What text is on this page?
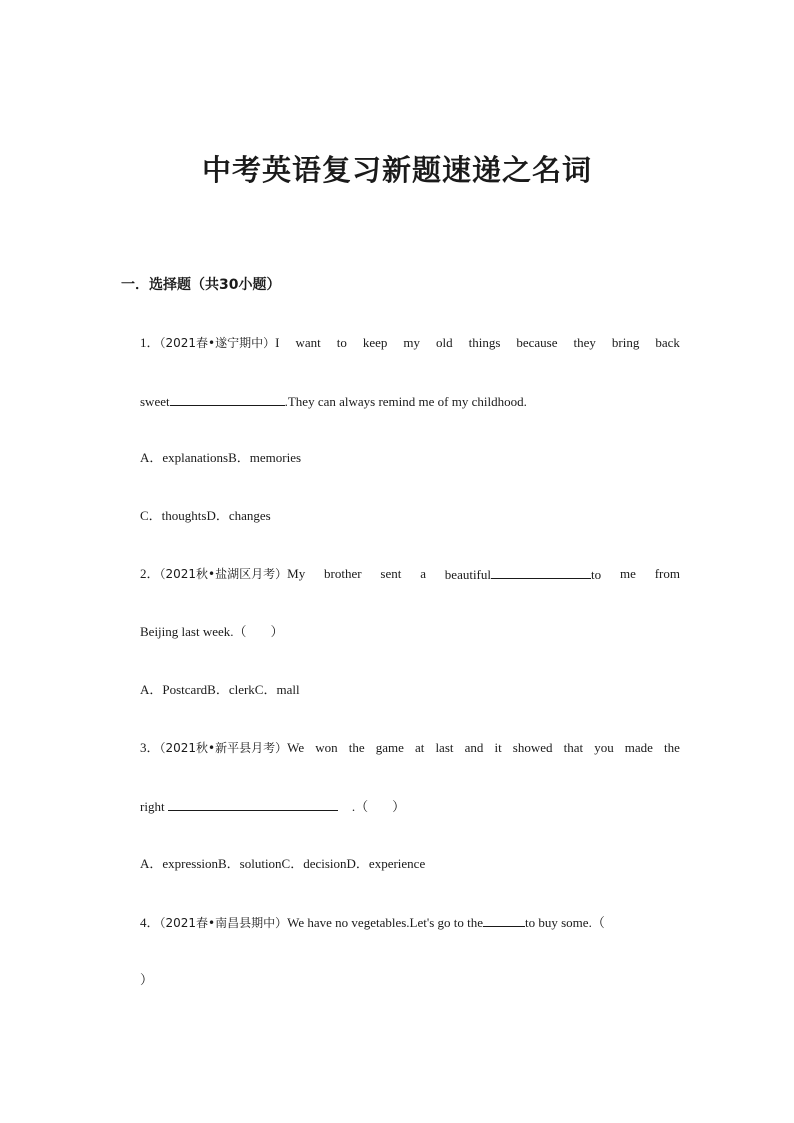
中考英语复习新题速递之名词
一．选择题（共30小题）
1．（2021春•遂宁期中）I want to keep my old things because they bring back
sweet	.They can always remind me of my childhood.
A．explanationsB．memories
C．thoughtsD．changes
2．（2021秋•盐湖区月考）My brother sent a beautiful	to me from
Beijing last week.（ ）
A．PostcardB．clerkC．mall
3．（2021秋•新平县月考）We won the game at last and it showed that you made the
right	.（ ）
A．expressionB．solutionC．decisionD．experience
4．（2021春•南昌县期中）We have no vegetables.Let's go to the	to buy some.（
）
